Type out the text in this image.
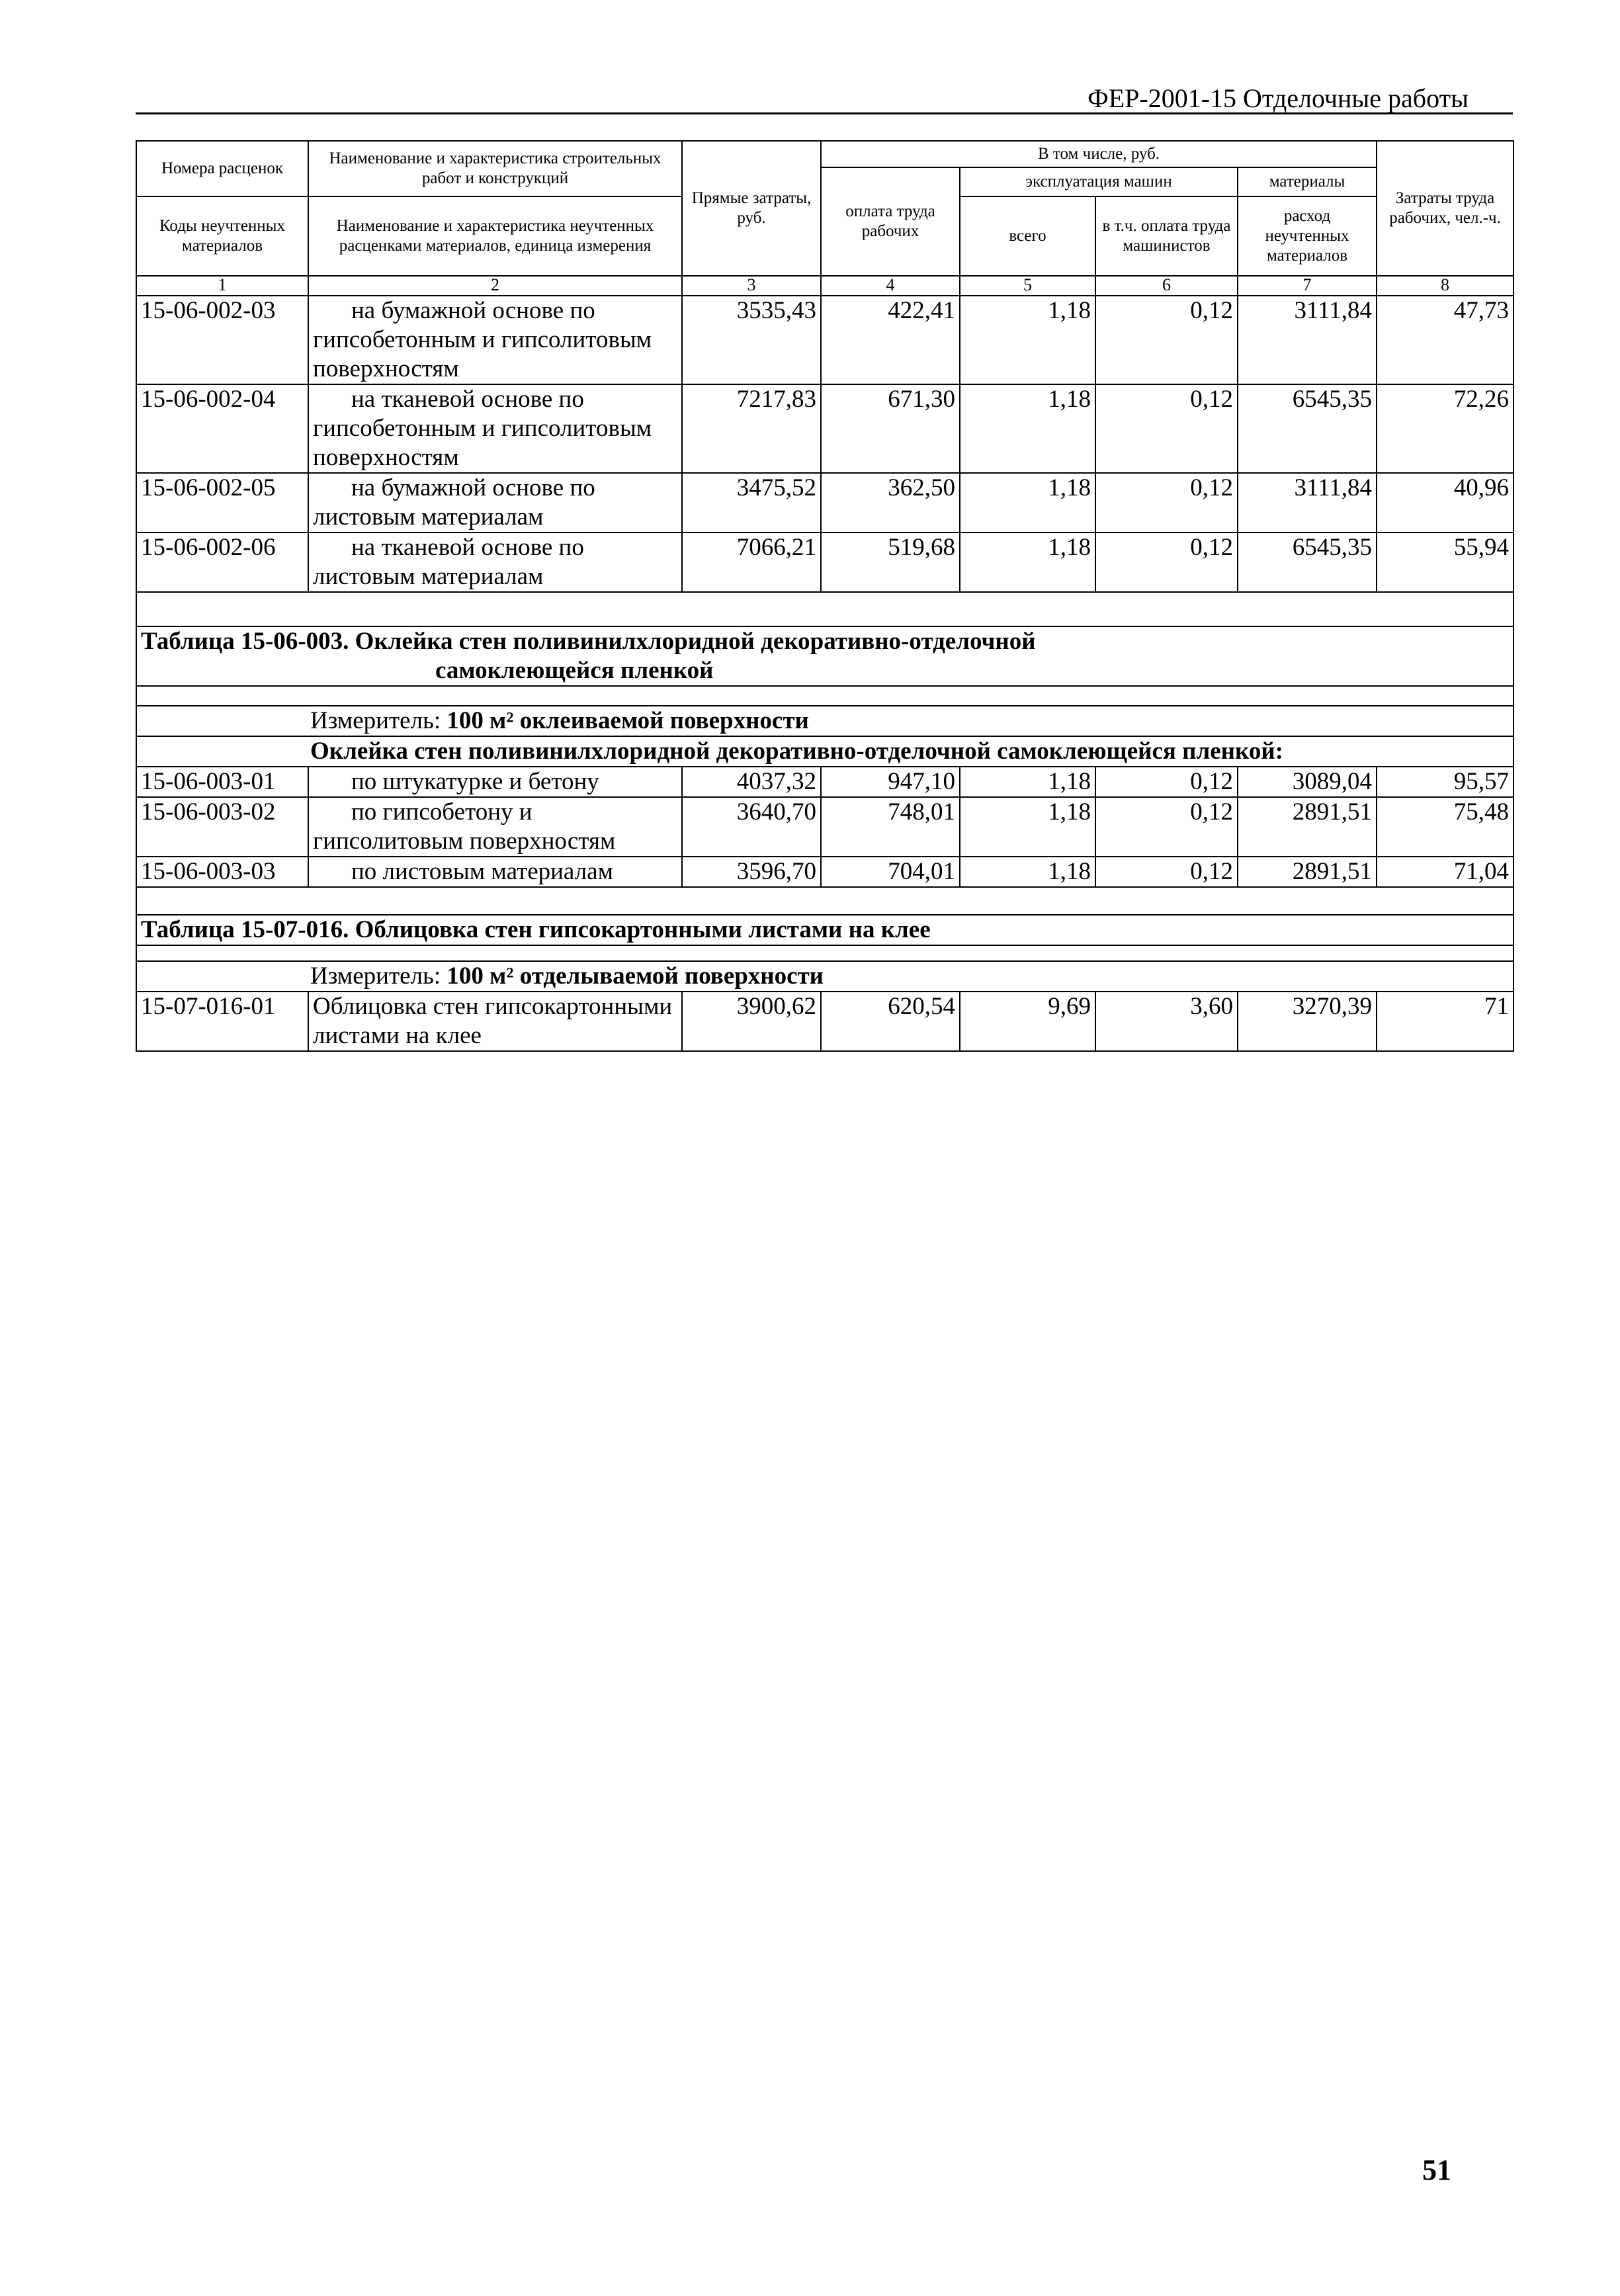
ФЕР-2001-15 Отделочные работы
Номера расценок	Наименование и характеристика строительных работ и конструкций	Прямые затраты, руб.	В том числе, руб.				Затраты труда рабочих, чел.-ч.
			оплата труда рабочих	эксплуатация машин		материалы	
Коды неучтенных материалов	Наименование и характеристика неучтенных расценками материалов, единица измерения			всего	в т.ч. оплата труда машинистов	расход неучтенных материалов	

1	2	3	4	5	6	7	8
15-06-002-03	на бумажной основе по гипсобетонным и гипсолитовым поверхностям	3535,43	422,41	1,18	0,12	3111,84	47,73
15-06-002-04	на тканевой основе по гипсобетонным и гипсолитовым поверхностям	7217,83	671,30	1,18	0,12	6545,35	72,26
15-06-002-05	на бумажной основе по листовым материалам	3475,52	362,50	1,18	0,12	3111,84	40,96
15-06-002-06	на тканевой основе по листовым материалам	7066,21	519,68	1,18	0,12	6545,35	55,94

Таблица 15-06-003. Оклейка стен поливинилхлоридной декоративно-отделочной
самоклеющейся пленкой							

Измеритель: 100 м² оклеиваемой поверхности							
Оклейка стен поливинилхлоридной декоративно-отделочной самоклеющейся пленкой:							
15-06-003-01	по штукатурке и бетону	4037,32	947,10	1,18	0,12	3089,04	95,57
15-06-003-02	по гипсобетону и гипсолитовым поверхностям	3640,70	748,01	1,18	0,12	2891,51	75,48
15-06-003-03	по листовым материалам	3596,70	704,01	1,18	0,12	2891,51	71,04

Таблица 15-07-016. Облицовка стен гипсокартонными листами на клее							

Измеритель: 100 м² отделываемой поверхности							
15-07-016-01	Облицовка стен гипсокартонными листами на клее	3900,62	620,54	9,69	3,60	3270,39	71
51
